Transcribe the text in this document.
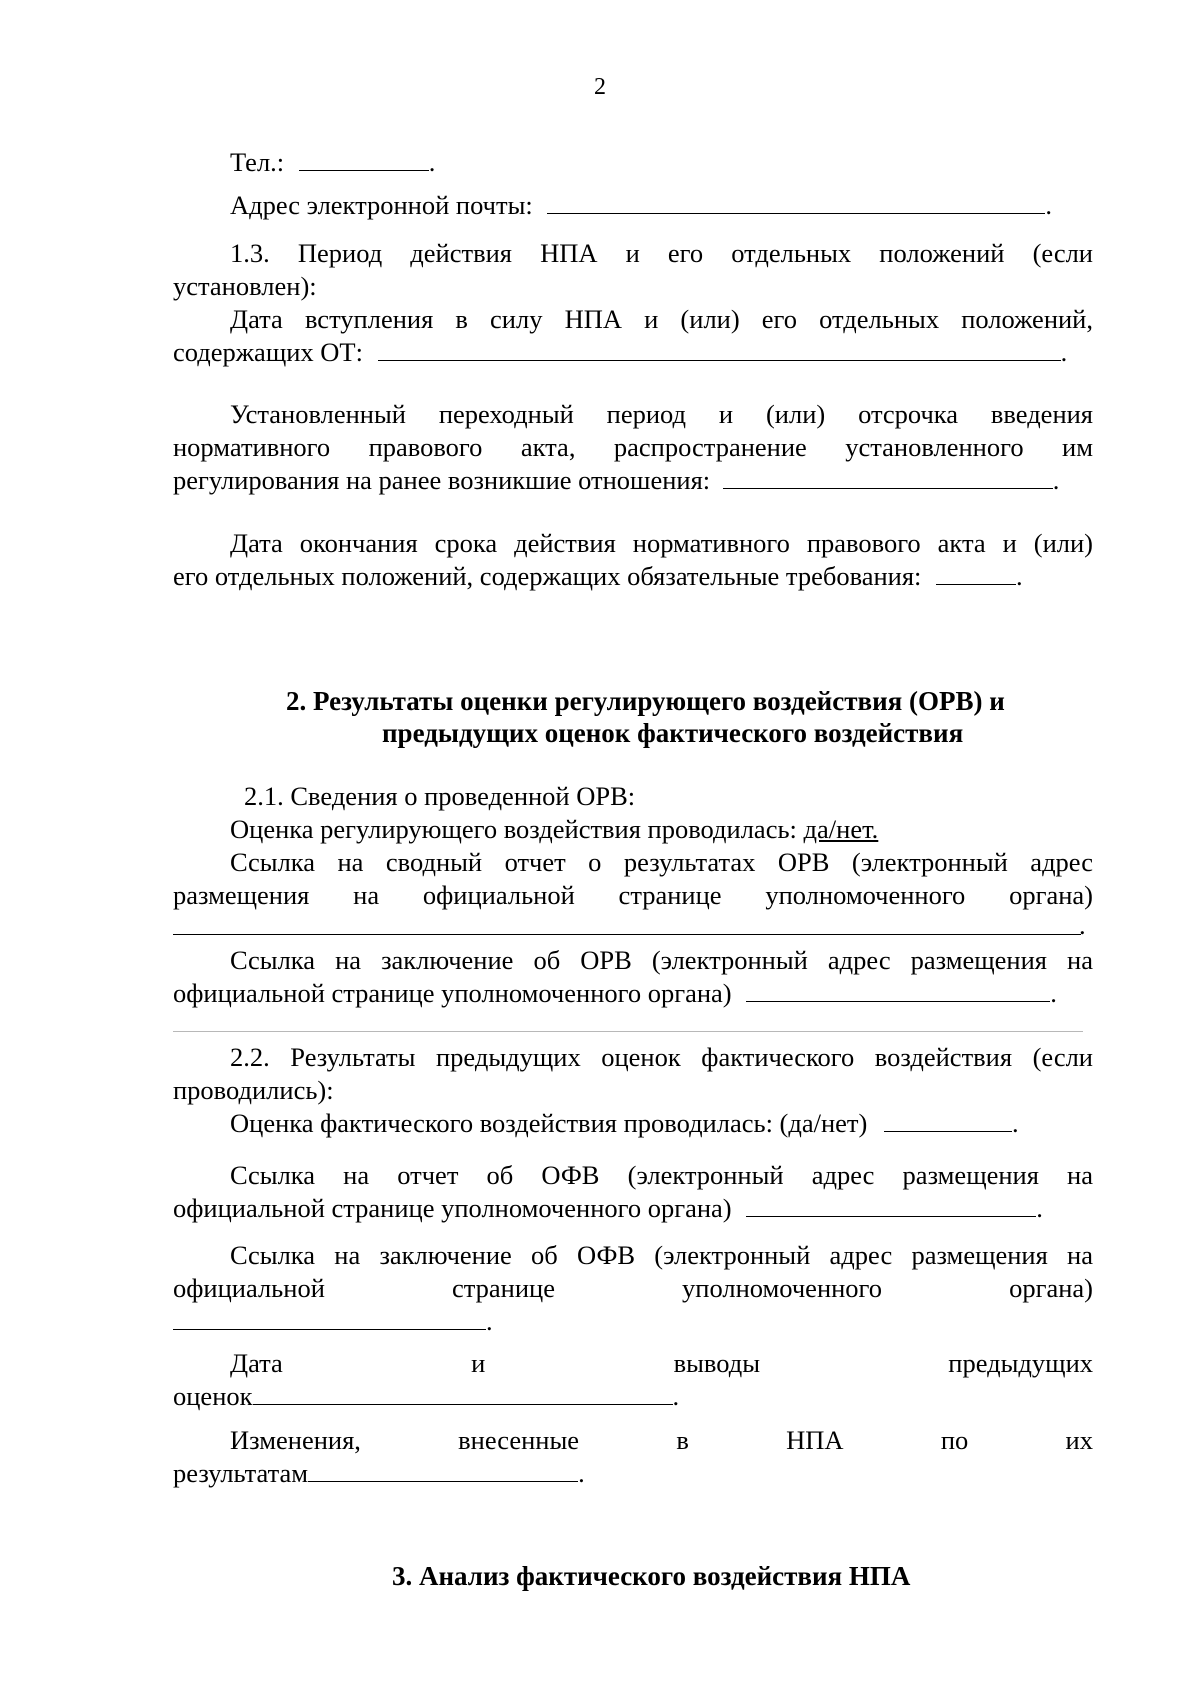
2
Тел.:	.
Адрес электронной почты:	.
1.3. Период действия НПА и его отдельных положений (если
установлен):
Дата вступления в силу НПА и (или) его отдельных положений,
содержащих ОТ:	.
Установленный переходный период и (или) отсрочка введения
нормативного правового акта, распространение установленного им
регулирования на ранее возникшие отношения:	.
Дата окончания срока действия нормативного правового акта и (или)
его отдельных положений, содержащих обязательные требования:	.
2. Результаты оценки регулирующего воздействия (ОРВ) и
предыдущих оценок фактического воздействия
2.1. Сведения о проведенной ОРВ:
Оценка регулирующего воздействия проводилась: да/нет.
Ссылка на сводный отчет о результатах ОРВ (электронный адрес
размещения на официальной странице уполномоченного органа)
.
Ссылка на заключение об ОРВ (электронный адрес размещения на
официальной странице уполномоченного органа)	.
2.2. Результаты предыдущих оценок фактического воздействия (если
проводились):
Оценка фактического воздействия проводилась: (да/нет)	.
Ссылка на отчет об ОФВ (электронный адрес размещения на
официальной странице уполномоченного органа)	.
Ссылка на заключение об ОФВ (электронный адрес размещения на
официальной странице уполномоченного органа)
.
Дата и выводы предыдущих
оценок	.
Изменения, внесенные в НПА по их
результатам	.
3. Анализ фактического воздействия НПА
